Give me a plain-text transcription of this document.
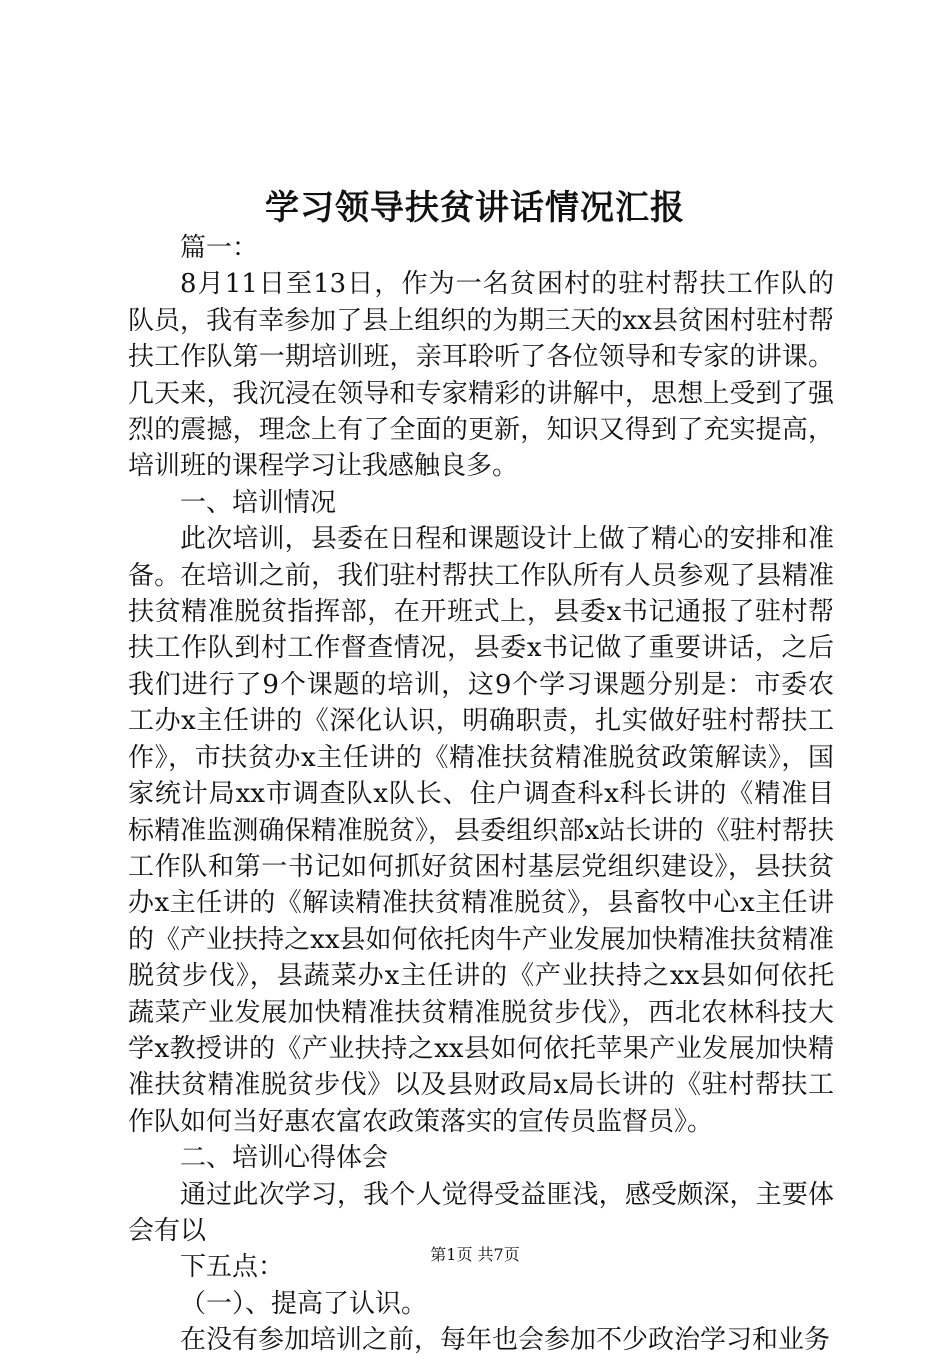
学习领导扶贫讲话情况汇报

篇一：

8月11日至13日，作为一名贫困村的驻村帮扶工作队的队员，我有幸参加了县上组织的为期三天的xx县贫困村驻村帮扶工作队第一期培训班，亲耳聆听了各位领导和专家的讲课。几天来，我沉浸在领导和专家精彩的讲解中，思想上受到了强烈的震撼，理念上有了全面的更新，知识又得到了充实提高，培训班的课程学习让我感触良多。

一、培训情况

此次培训，县委在日程和课题设计上做了精心的安排和准备。在培训之前，我们驻村帮扶工作队所有人员参观了县精准扶贫精准脱贫指挥部，在开班式上，县委x书记通报了驻村帮扶工作队到村工作督查情况，县委x书记做了重要讲话，之后我们进行了9个课题的培训，这9个学习课题分别是：市委农工办x主任讲的《深化认识，明确职责，扎实做好驻村帮扶工作》，市扶贫办x主任讲的《精准扶贫精准脱贫政策解读》，国家统计局xx市调查队x队长、住户调查科x科长讲的《精准目标精准监测确保精准脱贫》，县委组织部x站长讲的《驻村帮扶工作队和第一书记如何抓好贫困村基层党组织建设》，县扶贫办x主任讲的《解读精准扶贫精准脱贫》，县畜牧中心x主任讲的《产业扶持之xx县如何依托肉牛产业发展加快精准扶贫精准脱贫步伐》，县蔬菜办x主任讲的《产业扶持之xx县如何依托蔬菜产业发展加快精准扶贫精准脱贫步伐》，西北农林科技大学x教授讲的《产业扶持之xx县如何依托苹果产业发展加快精准扶贫精准脱贫步伐》以及县财政局x局长讲的《驻村帮扶工作队如何当好惠农富农政策落实的宣传员监督员》。

二、培训心得体会

通过此次学习，我个人觉得受益匪浅，感受颇深，主要体会有以

下五点：

（一）、提高了认识。

在没有参加培训之前，每年也会参加不少政治学习和业务

第1页 共7页
